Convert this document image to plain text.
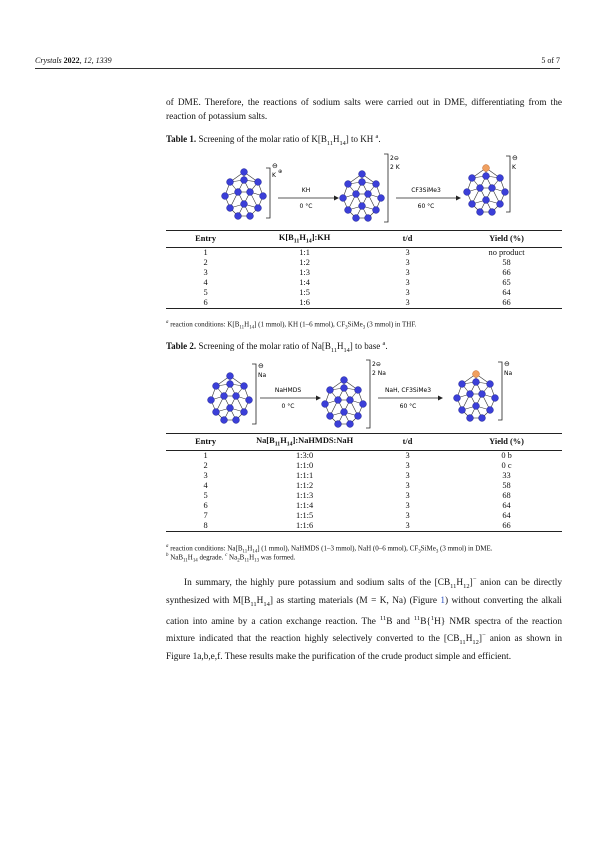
Crystals 2022, 12, 1339	5 of 7
of DME. Therefore, the reactions of sodium salts were carried out in DME, differentiating from the reaction of potassium salts.
Table 1. Screening of the molar ratio of $K[B_{11}H_{14}]$ to KH $^a$.
⊖
K ⊕
KH
0 °C
2⊖
2 K
CF3SiMe3
60 °C
⊖
K
Entry	$K[B_{11}H_{14}]:KH$	t/d	Yield (%)
1	1:1	3	no product
2	1:2	3	58
3	1:3	3	66
4	1:4	3	65
5	1:5	3	64
6	1:6	3	66
$^a$ reaction conditions: $K[B_{11}H_{14}]$ (1 mmol), KH (1–6 mmol), $CF_3SiMe_3$ (3 mmol) in THF.
Table 2. Screening of the molar ratio of $Na[B_{11}H_{14}]$ to base $^a$.
⊖
Na
NaHMDS
0 °C
2⊖
2 Na
NaH, CF3SiMe3
60 °C
⊖
Na
Entry	$Na[B_{11}H_{14}]:NaHMDS:NaH$	t/d	Yield (%)
1	1:3:0	3	0 b
2	1:1:0	3	0 c
3	1:1:1	3	33
4	1:1:2	3	58
5	1:1:3	3	68
6	1:1:4	3	64
7	1:1:5	3	64
8	1:1:6	3	66
$^a$ reaction conditions: $Na[B_{11}H_{14}]$ (1 mmol), NaHMDS (1–3 mmol), NaH (0–6 mmol), $CF_3SiMe_3$ (3 mmol) in DME.
$^b$ $NaB_{11}H_{14}$ degrade. $^c$ $Na_2B_{11}H_{13}$ was formed.
In summary, the highly pure potassium and sodium salts of the $[CB_{11}H_{12}]^-$ anion can be directly synthesized with $M[B_{11}H_{14}]$ as starting materials (M = K, Na) (Figure 1) without converting the alkali cation into amine by a cation exchange reaction. The $^{11}$B and $^{11}$B{$^1$H} NMR spectra of the reaction mixture indicated that the reaction highly selectively converted to the $[CB_{11}H_{12}]^-$ anion as shown in Figure 1a,b,e,f. These results make the purification of the crude product simple and efficient.
